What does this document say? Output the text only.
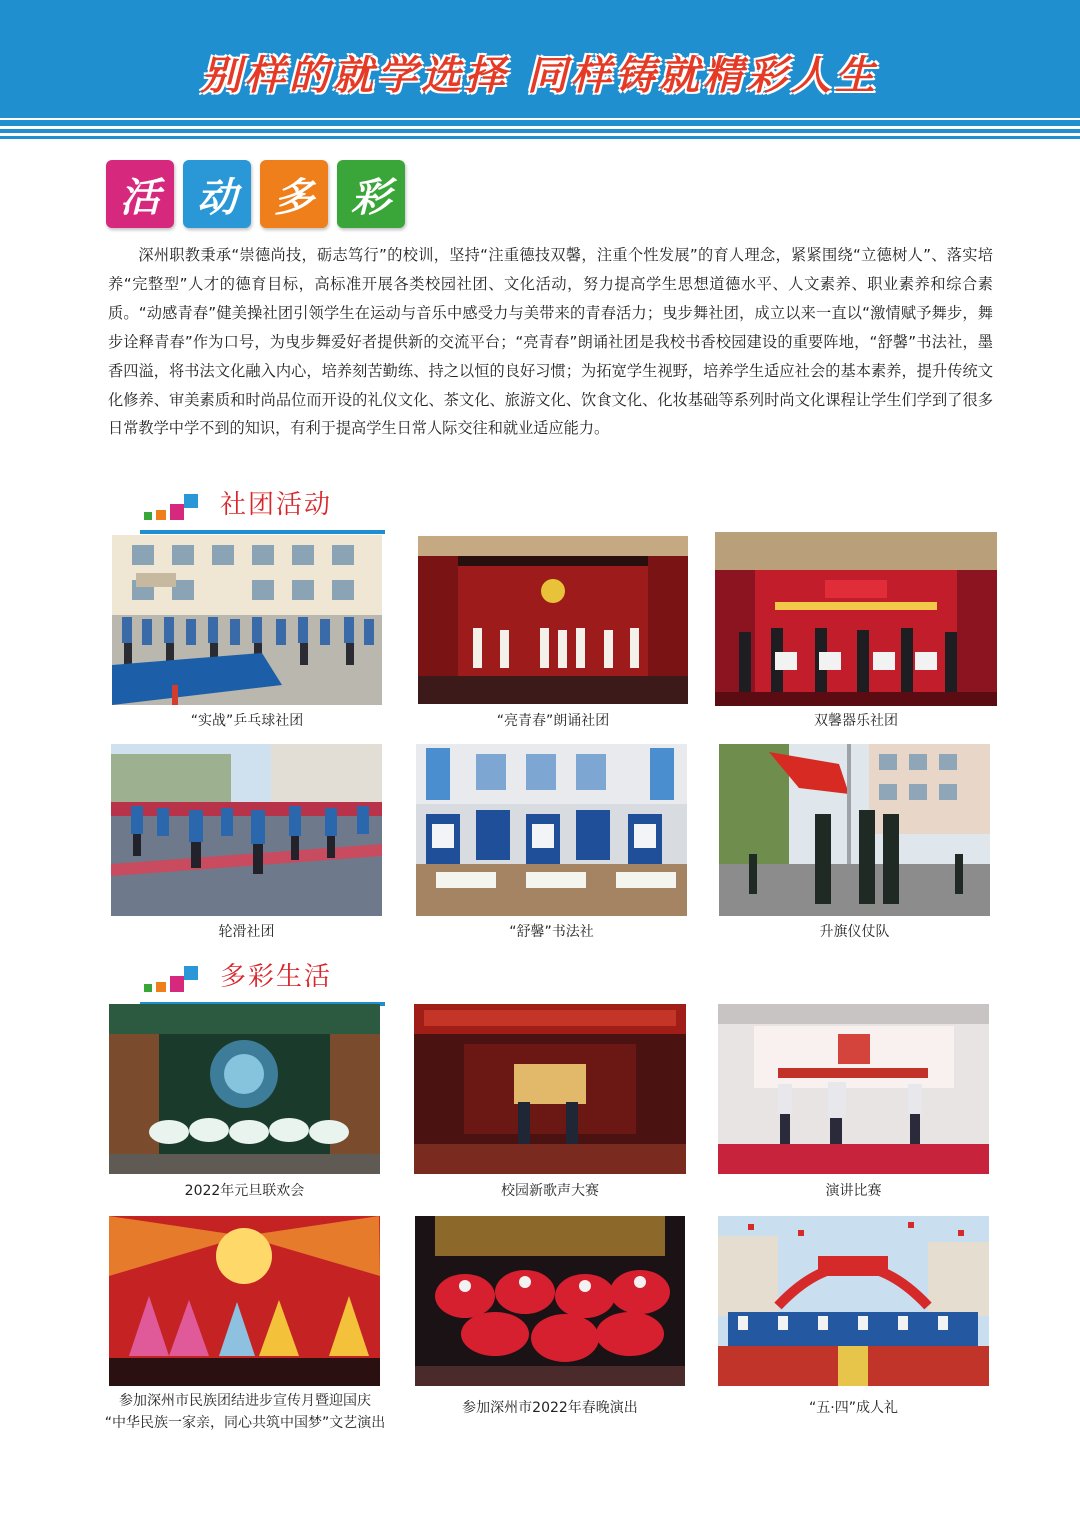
别样的就学选择 同样铸就精彩人生
活 动 多 彩

深州职教秉承“崇德尚技，砺志笃行”的校训，坚持“注重德技双馨，注重个性发展”的育人理念，紧紧围绕“立德树人”、落实培养“完整型”人才的德育目标，高标准开展各类校园社团、文化活动，努力提高学生思想道德水平、人文素养、职业素养和综合素质。“动感青春”健美操社团引领学生在运动与音乐中感受力与美带来的青春活力；曳步舞社团，成立以来一直以“激情赋予舞步，舞步诠释青春”作为口号，为曳步舞爱好者提供新的交流平台；“亮青春”朗诵社团是我校书香校园建设的重要阵地，“舒馨”书法社，墨香四溢，将书法文化融入内心，培养刻苦勤练、持之以恒的良好习惯；为拓宽学生视野，培养学生适应社会的基本素养，提升传统文化修养、审美素质和时尚品位而开设的礼仪文化、茶文化、旅游文化、饮食文化、化妆基础等系列时尚文化课程让学生们学到了很多日常教学中学不到的知识，有利于提高学生日常人际交往和就业适应能力。

社团活动
“实战”乒乓球社团	“亮青春”朗诵社团	双馨器乐社团
轮滑社团	“舒馨”书法社	升旗仪仗队
多彩生活
2022年元旦联欢会	校园新歌声大赛	演讲比赛
参加深州市民族团结进步宣传月暨迎国庆
“中华民族一家亲，同心共筑中国梦”文艺演出
参加深州市2022年春晚演出	“五·四”成人礼
